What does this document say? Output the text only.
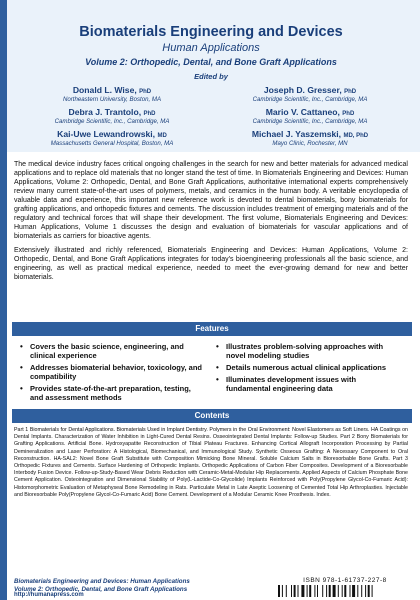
Biomaterials Engineering and Devices
Human Applications
Volume 2: Orthopedic, Dental, and Bone Graft Applications
Edited by
Donald L. Wise, PhD
Northeastern University, Boston, MA
Joseph D. Gresser, PhD
Cambridge Scientific, Inc., Cambridge, MA
Debra J. Trantolo, PhD
Cambridge Scientific, Inc., Cambridge, MA
Mario V. Cattaneo, PhD
Cambridge Scientific, Inc., Cambridge, MA
Kai-Uwe Lewandrowski, MD
Massachusetts General Hospital, Boston, MA
Michael J. Yaszemski, MD, PhD
Mayo Clinic, Rochester, MN

The medical device industry faces critical ongoing challenges in the search for new and better materials for advanced medical applications and to replace old materials that no longer stand the test of time. In Biomaterials Engineering and Devices: Human Applications, Volume 2: Orthopedic, Dental, and Bone Graft Applications, authoritative international experts comprehensively review many current state-of-the-art uses of polymers, metals, and ceramics in the human body. A veritable encyclopedia of valuable data and experience, this important new reference work is devoted to dental biomaterials, bony biomaterials for grafting applications, and orthopedic fixtures and cements. The discussion includes treatment of emerging materials and of the regulatory and technical forces that will shape their development. The first volume, Biomaterials Engineering and Devices: Human Applications, Volume 1 discusses the design and evaluation of biomaterials for vascular applications and of biomaterials as carriers for bioactive agents.

Extensively illustrated and richly referenced, Biomaterials Engineering and Devices: Human Applications, Volume 2: Orthopedic, Dental, and Bone Graft Applications integrates for today's bioengineering professionals all the basic science, and engineering, as well as practical medical experience, needed to meet the ever-growing demand for new and better biomaterials.

Features
• Covers the basic science, engineering, and clinical experience
• Addresses biomaterial behavior, toxicology, and compatibility
• Provides state-of-the-art preparation, testing, and assessment methods
• Illustrates problem-solving approaches with novel modeling studies
• Details numerous actual clinical applications
• Illuminates development issues with fundamental engineering data
Contents
Part 1 Biomaterials for Dental Applications. Biomaterials Used in Implant Dentistry. Polymers in the Oral Environment: Novel Elastomers as Soft Liners. HA Coatings on Dental Implants. Characterization of Water Inhibition in Light-Cured Dental Resins. Osseointegrated Dental Implants: Follow-up Studies. Part 2 Bony Biomaterials for Grafting Applications. Artificial Bone. Hydroxyapatite Reconstruction of Tibial Plateau Fractures. Enhancing Cortical Allograft Incorporation Processing by Partial Demineralization and Laser Perforation: A Histological, Biomechanical, and Immunological Study. Synthetic Osseous Grafting: A Necessary Component to Oral Reconstruction. HA-SAL2: Novel Bone Graft Substitute with Composition Mimicking Bone Mineral. Soluble Calcium Salts in Bioresorbable Bone Grafts. Part 3 Orthopedic Fixtures and Cements. Surface Hardening of Orthopedic Implants. Orthopedic Applications of Carbon Fiber Composites. Development of a Bioresorbable Interbody Fusion Device. Follow-up-Study-Based Wear Debris Reduction with Ceramic-Metal-Modular Hip Replacements. Applied Aspects of Calcium Phosphate Bone Cement Application. Osteointegration and Dimensional Stability of Poly(L-Lactide-Co-Glycolide) Implants Reinforced with Poly(Propylene Glycol-Co-Fumaric Acid): Histomorphometric Evaluation of Metaphyseal Bone Remodeling in Rats. Particulate Metal in Late Aseptic Loosening of Cemented Total Hip Arthroplasties. Injectable and Bioresorbable Poly(Propylene Glycol-Co-Fumaric Acid) Bone Cement. Development of a Modular Ceramic Knee Prosthesis. Index.
Biomaterials Engineering and Devices: Human Applications
Volume 2: Orthopedic, Dental, and Bone Graft Applications
http://humanapress.com
ISBN 978-1-61737-227-8
